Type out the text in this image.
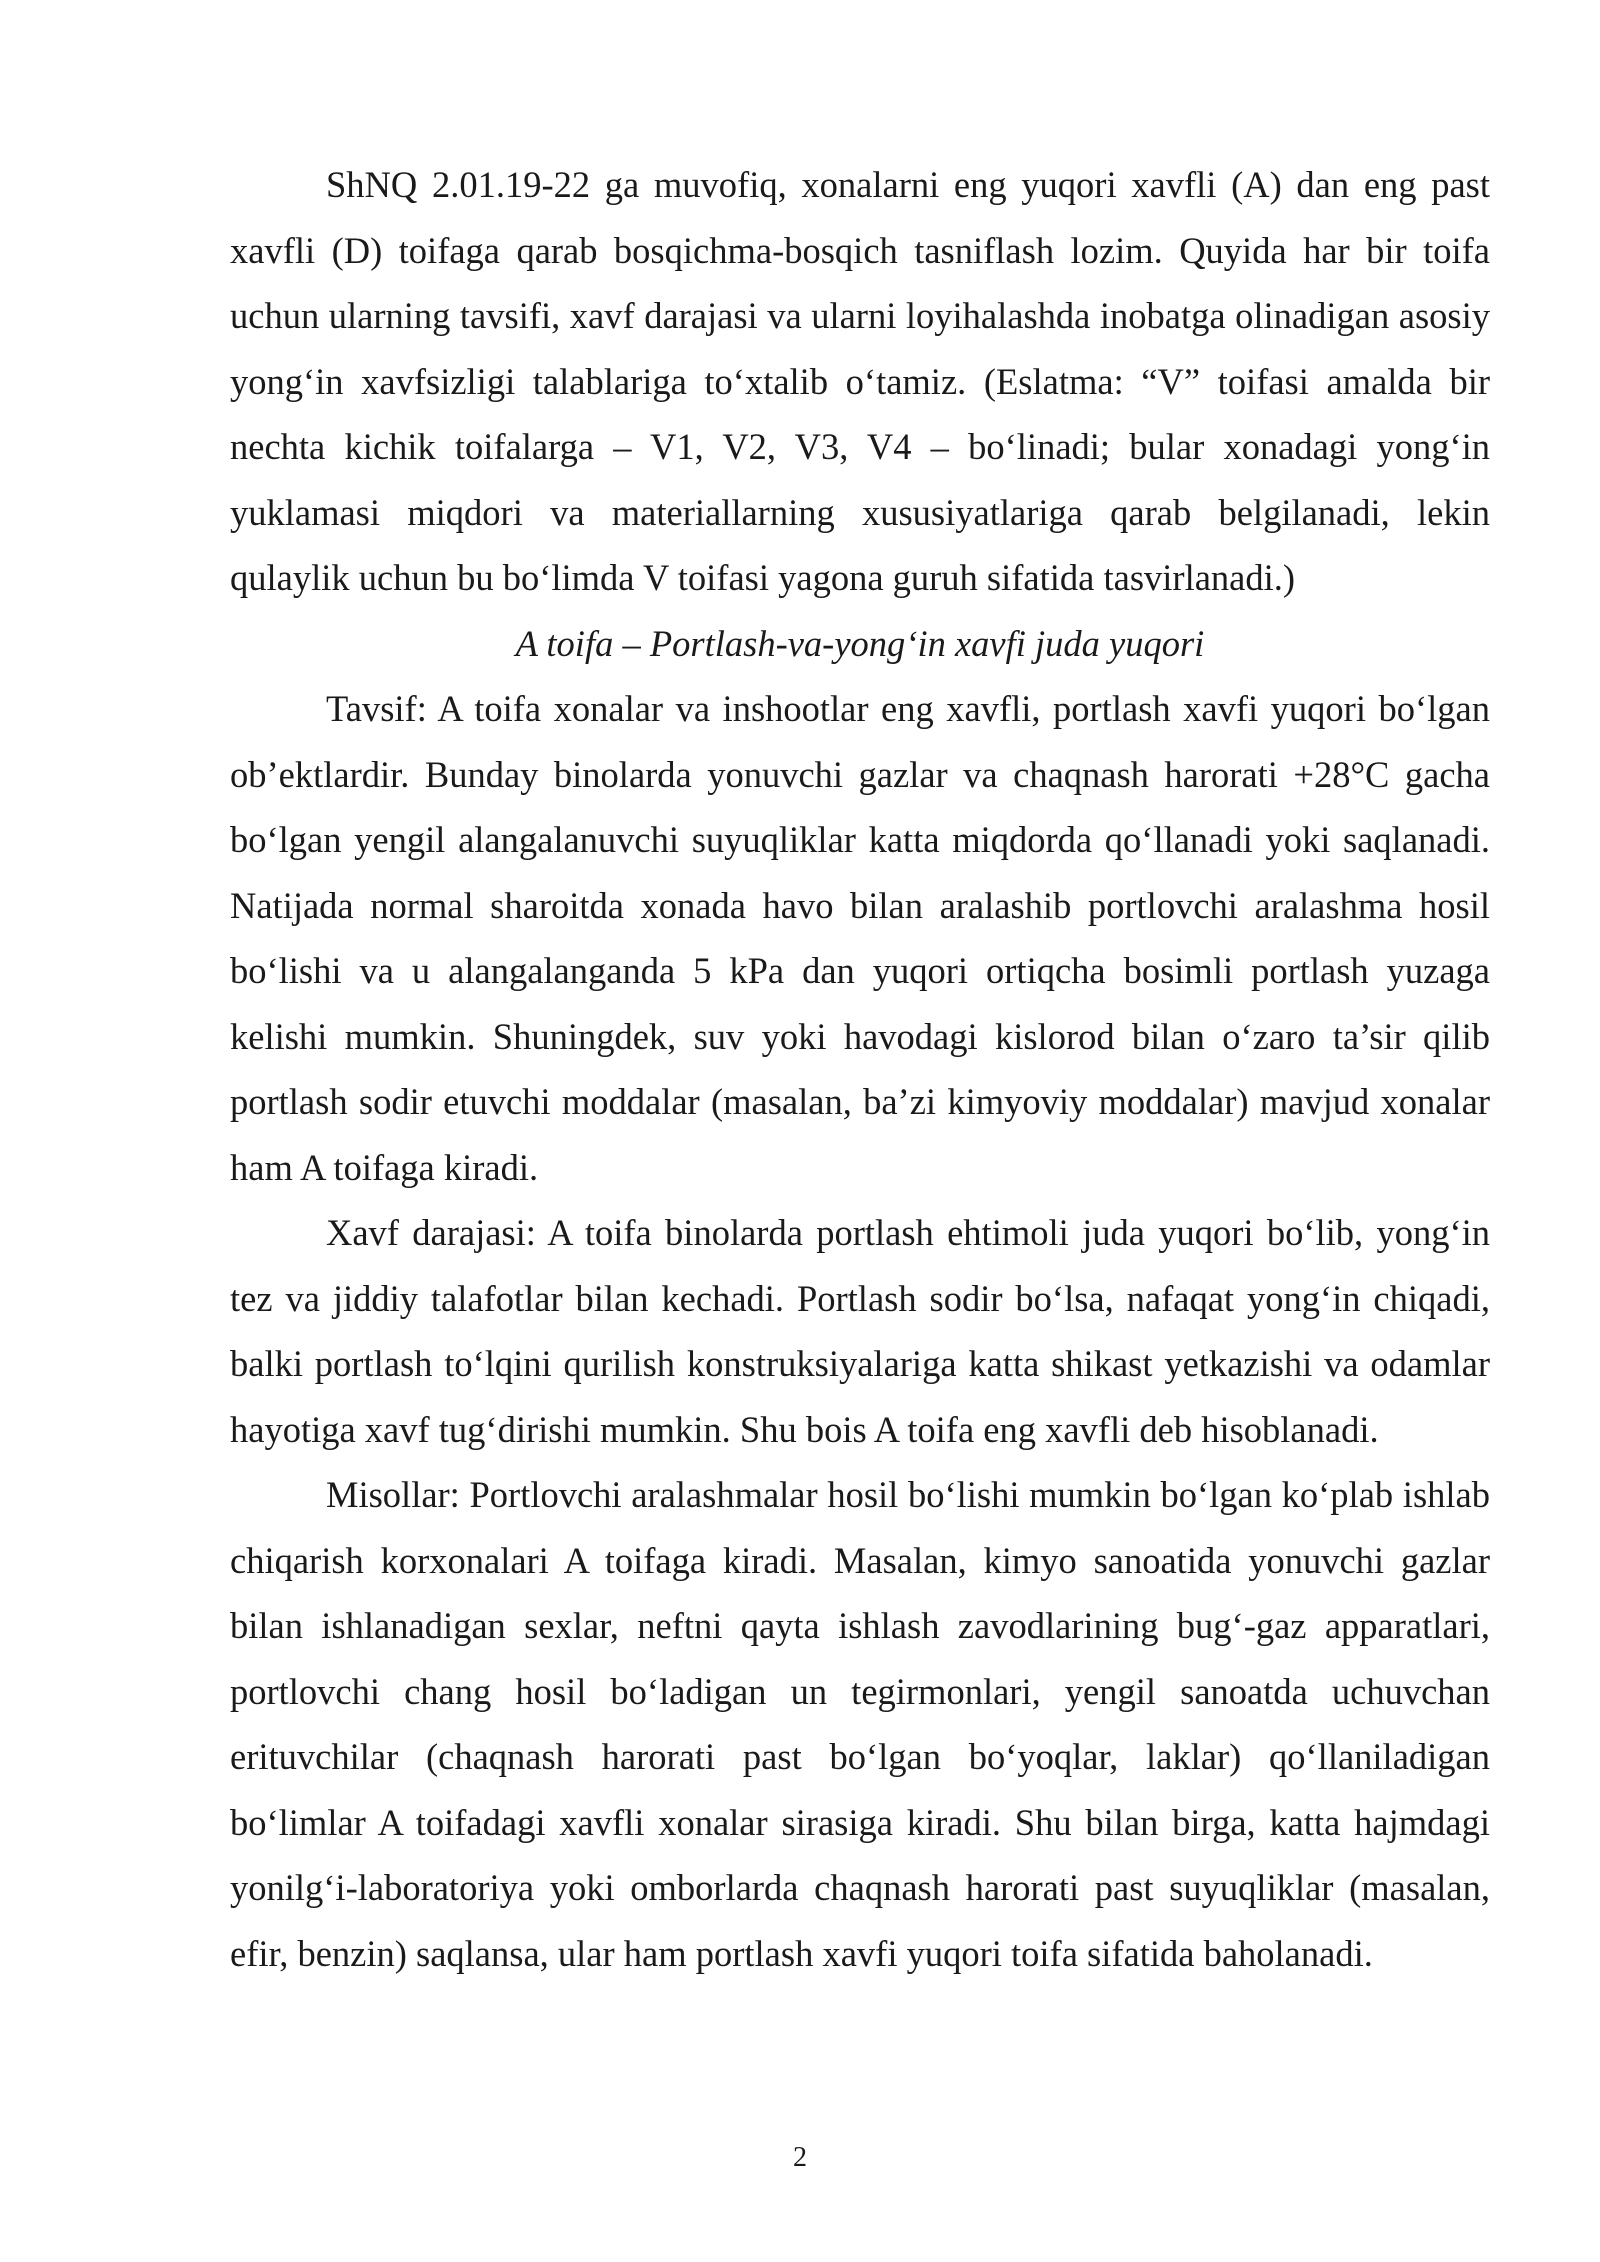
ShNQ 2.01.19-22 ga muvofiq, xonalarni eng yuqori xavfli (A) dan eng past xavfli (D) toifaga qarab bosqichma-bosqich tasniflash lozim. Quyida har bir toifa uchun ularning tavsifi, xavf darajasi va ularni loyihalashda inobatga olinadigan asosiy yong‘in xavfsizligi talablariga to‘xtalib o‘tamiz. (Eslatma: “V” toifasi amalda bir nechta kichik toifalarga – V1, V2, V3, V4 – bo‘linadi; bular xonadagi yong‘in yuklamasi miqdori va materiallarning xususiyatlariga qarab belgilanadi, lekin qulaylik uchun bu bo‘limda V toifasi yagona guruh sifatida tasvirlanadi.)

A toifa – Portlash-va-yong‘in xavfi juda yuqori

Tavsif: A toifa xonalar va inshootlar eng xavfli, portlash xavfi yuqori bo‘lgan ob’ektlardir. Bunday binolarda yonuvchi gazlar va chaqnash harorati +28°C gacha bo‘lgan yengil alangalanuvchi suyuqliklar katta miqdorda qo‘llanadi yoki saqlanadi. Natijada normal sharoitda xonada havo bilan aralashib portlovchi aralashma hosil bo‘lishi va u alangalanganda 5 kPa dan yuqori ortiqcha bosimli portlash yuzaga kelishi mumkin. Shuningdek, suv yoki havodagi kislorod bilan o‘zaro ta’sir qilib portlash sodir etuvchi moddalar (masalan, ba’zi kimyoviy moddalar) mavjud xonalar ham A toifaga kiradi.

Xavf darajasi: A toifa binolarda portlash ehtimoli juda yuqori bo‘lib, yong‘in tez va jiddiy talafotlar bilan kechadi. Portlash sodir bo‘lsa, nafaqat yong‘in chiqadi, balki portlash to‘lqini qurilish konstruksiyalariga katta shikast yetkazishi va odamlar hayotiga xavf tug‘dirishi mumkin. Shu bois A toifa eng xavfli deb hisoblanadi.

Misollar: Portlovchi aralashmalar hosil bo‘lishi mumkin bo‘lgan ko‘plab ishlab chiqarish korxonalari A toifaga kiradi. Masalan, kimyo sanoatida yonuvchi gazlar bilan ishlanadigan sexlar, neftni qayta ishlash zavodlarining bug‘-gaz apparatlari, portlovchi chang hosil bo‘ladigan un tegirmonlari, yengil sanoatda uchuvchan erituvchilar (chaqnash harorati past bo‘lgan bo‘yoqlar, laklar) qo‘llaniladigan bo‘limlar A toifadagi xavfli xonalar sirasiga kiradi. Shu bilan birga, katta hajmdagi yonilg‘i-laboratoriya yoki omborlarda chaqnash harorati past suyuqliklar (masalan, efir, benzin) saqlansa, ular ham portlash xavfi yuqori toifa sifatida baholanadi.

2
